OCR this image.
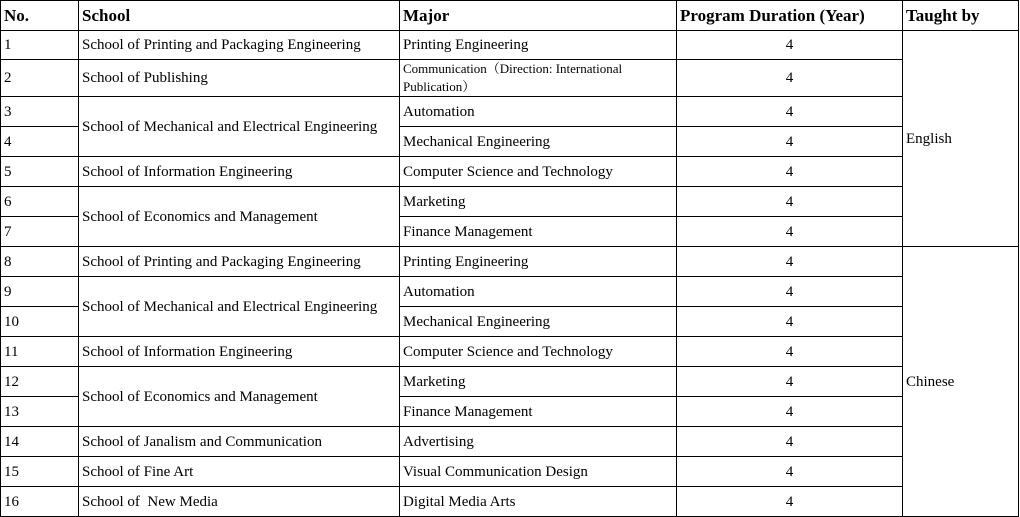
No.	School	Major	Program Duration (Year)	Taught by
1	School of Printing and Packaging Engineering	Printing Engineering	4	English
2	School of Publishing	Communication（Direction: International Publication）	4	
3	School of Mechanical and Electrical Engineering	Automation	4	
4		Mechanical Engineering	4	
5	School of Information Engineering	Computer Science and Technology	4	
6	School of Economics and Management	Marketing	4	
7		Finance Management	4	
8	School of Printing and Packaging Engineering	Printing Engineering	4	Chinese
9	School of Mechanical and Electrical Engineering	Automation	4	
10		Mechanical Engineering	4	
11	School of Information Engineering	Computer Science and Technology	4	
12	School of Economics and Management	Marketing	4	
13		Finance Management	4	
14	School of Janalism and Communication	Advertising	4	
15	School of Fine Art	Visual Communication Design	4	
16	School of  New Media	Digital Media Arts	4	
